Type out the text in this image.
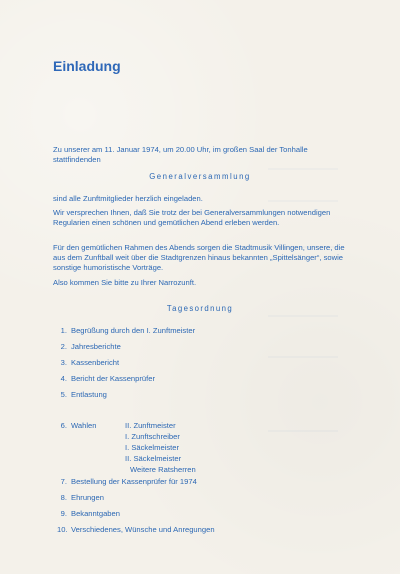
Einladung

Zu unserer am 11. Januar 1974, um 20.00 Uhr, im großen Saal der Tonhalle stattfindenden

Generalversammlung

sind alle Zunftmitglieder herzlich eingeladen.

Wir versprechen Ihnen, daß Sie trotz der bei Generalversammlungen notwendigen Regularien einen schönen und gemütlichen Abend erleben werden.

Für den gemütlichen Rahmen des Abends sorgen die Stadtmusik Villingen, unsere, die aus dem Zunftball weit über die Stadtgrenzen hinaus bekannten „Spittelsänger“, sowie sonstige humoristische Vorträge.

Also kommen Sie bitte zu Ihrer Narrozunft.

Tagesordnung

1. Begrüßung durch den I. Zunftmeister
2. Jahresberichte
3. Kassenbericht
4. Bericht der Kassenprüfer
5. Entlastung
6. Wahlen	II. Zunftmeister
I. Zunftschreiber
I. Säckelmeister
II. Säckelmeister
Weitere Ratsherren
7. Bestellung der Kassenprüfer für 1974
8. Ehrungen
9. Bekanntgaben
10. Verschiedenes, Wünsche und Anregungen
